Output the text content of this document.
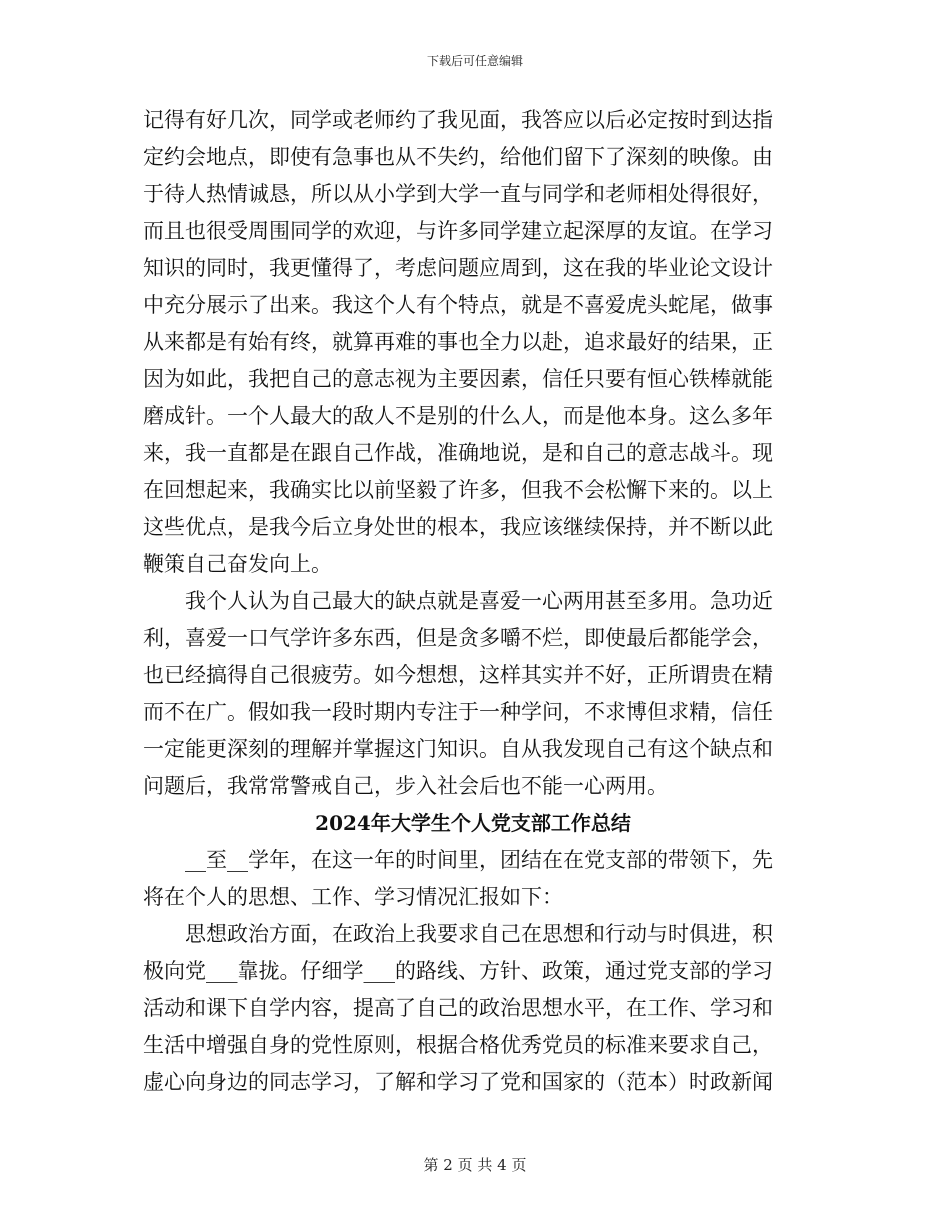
下载后可任意编辑
记得有好几次，同学或老师约了我见面，我答应以后必定按时到达指
定约会地点，即使有急事也从不失约，给他们留下了深刻的映像。由
于待人热情诚恳，所以从小学到大学一直与同学和老师相处得很好，
而且也很受周围同学的欢迎，与许多同学建立起深厚的友谊。在学习
知识的同时，我更懂得了，考虑问题应周到，这在我的毕业论文设计
中充分展示了出来。我这个人有个特点，就是不喜爱虎头蛇尾，做事
从来都是有始有终，就算再难的事也全力以赴，追求最好的结果，正
因为如此，我把自己的意志视为主要因素，信任只要有恒心铁棒就能
磨成针。一个人最大的敌人不是别的什么人，而是他本身。这么多年
来，我一直都是在跟自己作战，准确地说，是和自己的意志战斗。现
在回想起来，我确实比以前坚毅了许多，但我不会松懈下来的。以上
这些优点，是我今后立身处世的根本，我应该继续保持，并不断以此
鞭策自己奋发向上。
我个人认为自己最大的缺点就是喜爱一心两用甚至多用。急功近
利，喜爱一口气学许多东西，但是贪多嚼不烂，即使最后都能学会，
也已经搞得自己很疲劳。如今想想，这样其实并不好，正所谓贵在精
而不在广。假如我一段时期内专注于一种学问，不求博但求精，信任
一定能更深刻的理解并掌握这门知识。自从我发现自己有这个缺点和
问题后，我常常警戒自己，步入社会后也不能一心两用。
2024年大学生个人党支部工作总结
__至__学年，在这一年的时间里，团结在在党支部的带领下，先
将在个人的思想、工作、学习情况汇报如下：
思想政治方面，在政治上我要求自己在思想和行动与时俱进，积
极向党___靠拢。仔细学___的路线、方针、政策，通过党支部的学习
活动和课下自学内容，提高了自己的政治思想水平，在工作、学习和
生活中增强自身的党性原则，根据合格优秀党员的标准来要求自己，
虚心向身边的同志学习，了解和学习了党和国家的（范本）时政新闻
第 2 页 共 4 页
